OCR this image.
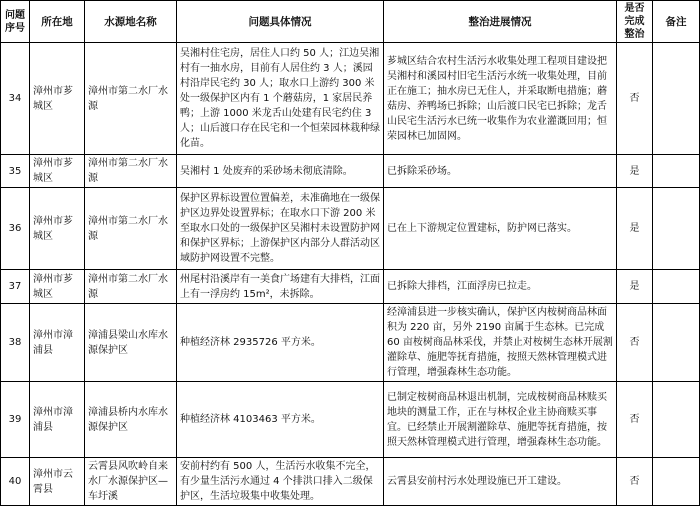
问题序号	所在地	水源地名称	问题具体情况	整治进展情况	是否完成整治	备注
34	漳州市芗城区	漳州市第二水厂水源	吴湘村住宅房，居住人口约 50 人；江边吴湘村有一抽水房，目前有人居住约 3 人；溪园村沿岸民宅约 30 人；取水口上游约 300 米处一级保护区内有 1 个蘑菇房，1 家居民养鸭；上游 1000 米龙舌山处建有民宅约住 3 人；山后渡口存在民宅和一个恒荣园林栽种绿化苗。	芗城区结合农村生活污水收集处理工程项目建设把吴湘村和溪园村旧宅生活污水统一收集处理，目前正在施工；抽水房已无住人，并采取断电措施；蘑菇房、养鸭场已拆除；山后渡口民宅已拆除；龙舌山民宅生活污水已统一收集作为农业灌溉回用；恒荣园林已加固网。	否	
35	漳州市芗城区	漳州市第二水厂水源	吴湘村 1 处废弃的采砂场未彻底清除。	已拆除采砂场。	是	
36	漳州市芗城区	漳州市第二水厂水源	保护区界标设置位置偏差，未准确地在一级保护区边界处设置界标；在取水口下游 200 米至取水口处的一级保护区吴湘村未设置防护网和保护区界标；上游保护区内部分人群活动区域防护网设置不完整。	已在上下游规定位置建标，防护网已落实。	是	
37	漳州市芗城区	漳州市第二水厂水源	州尾村沿溪岸有一美食广场建有大排档，江面上有一浮房约 15m²，未拆除。	已拆除大排档，江面浮房已拉走。	是	
38	漳州市漳浦县	漳浦县梁山水库水源保护区	种植经济林 2935726 平方米。	经漳浦县进一步核实确认，保护区内桉树商品林面积为 220 亩，另外 2190 亩属于生态林。已完成 60 亩桉树商品林采伐，并禁止对桉树生态林开展割灌除草、施肥等抚育措施，按照天然林管理模式进行管理，增强森林生态功能。	否	
39	漳州市漳浦县	漳浦县桥内水库水源保护区	种植经济林 4103463 平方米。	已制定桉树商品林退出机制，完成桉树商品林赎买地块的测量工作，正在与林权企业主协商赎买事宜。已经禁止开展割灌除草、施肥等抚育措施，按照天然林管理模式进行管理，增强森林生态功能。	否	
40	漳州市云霄县	云霄县风吹岭自来水厂水源保护区—车圩溪	安前村约有 500 人，生活污水收集不完全，有少量生活污水通过 4 个排洪口排入二级保护区，生活垃圾集中收集处理。	云霄县安前村污水处理设施已开工建设。	否	
